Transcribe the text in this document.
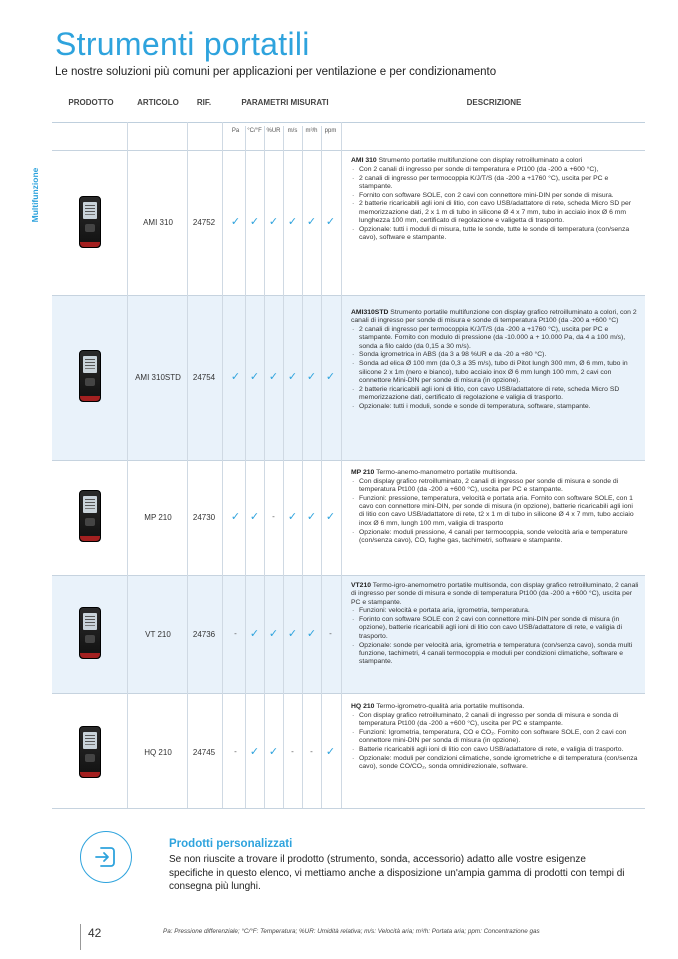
Strumenti portatili

Le nostre soluzioni più comuni per applicazioni per ventilazione e per condizionamento

Multifunzione
PRODOTTO	ARTICOLO	RIF.	PARAMETRI MISURATI	DESCRIZIONE
Pa	°C/°F %UR	m/s	m³/h	ppm
AMI 310	24752	✓ ✓ ✓ ✓ ✓ ✓

AMI 310 Strumento portatile multifunzione con display retroilluminato a colori

· Con 2 canali di ingresso per sonde di temperatura e Pt100 (da -200 a +600 °C),
· 2 canali di ingresso per termocoppia K/J/T/S (da -200 a +1760 °C), uscita per PC e stampante.
· Fornito con software SOLE, con 2 cavi con connettore mini-DIN per sonde di misura.
· 2 batterie ricaricabili agli ioni di litio, con cavo USB/adattatore di rete, scheda Micro SD per memorizzazione dati, 2 x 1 m di tubo in silicone Ø 4 x 7 mm, tubo in acciaio inox Ø 6 mm lunghezza 100 mm, certificato di regolazione e valigetta di trasporto.
· Opzionale: tutti i moduli di misura, tutte le sonde, tutte le sonde di temperatura (con/senza cavo), software e stampante.
AMI 310STD	24754	✓ ✓ ✓ ✓ ✓ ✓

AMI310STD Strumento portatile multifunzione con display grafico retroilluminato a colori, con 2 canali di ingresso per sonde di misura e sonde di temperatura Pt100 (da -200 a +600 °C)

· 2 canali di ingresso per termocoppia K/J/T/S (da -200 a +1760 °C), uscita per PC e stampante. Fornito con modulo di pressione (da -10.000 a + 10.000 Pa, da 4 a 100 m/s), sonda a filo caldo (da 0,15 a 30 m/s).
· Sonda igrometrica in ABS (da 3 a 98 %UR e da -20 a +80 °C).
· Sonda ad elica Ø 100 mm (da 0,3 a 35 m/s), tubo di Pitot lungh 300 mm, Ø 6 mm, tubo in silicone 2 x 1m (nero e bianco), tubo acciaio inox Ø 6 mm lungh 100 mm, 2 cavi con connettore Mini-DIN per sonde di misura (in opzione).
· 2 batterie ricaricabili agli ioni di litio, con cavo USB/adattatore di rete, scheda Micro SD memorizzazione dati, certificato di regolazione e valigia di trasporto.
· Opzionale: tutti i moduli, sonde e sonde di temperatura, software, stampante.
MP 210	24730	✓ ✓	-	✓ ✓ ✓

MP 210 Termo-anemo-manometro portatile multisonda.

· Con display grafico retroilluminato, 2 canali di ingresso per sonde di misura e sonde di temperatura Pt100 (da -200 a +600 °C), uscita per PC e stampante.
· Funzioni: pressione, temperatura, velocità e portata aria. Fornito con software SOLE, con 1 cavo con connettore mini-DIN, per sonde di misura (in opzione), batterie ricaricabili agli ioni di litio con cavo USB/adattatore di rete, t2 x 1 m di tubo in silicone Ø 4 x 7 mm, tubo acciaio inox Ø 6 mm, lungh 100 mm, valigia di trasporto
· Opzionale: moduli pressione, 4 canali per termocoppia, sonde velocità aria e temperature (con/senza cavo), CO, fughe gas, tachimetri, software e stampante.
VT 210	24736	-	✓ ✓ ✓ ✓	-

VT210 Termo-igro-anemometro portatile multisonda, con display grafico retroilluminato, 2 canali di ingresso per sonde di misura e sonde di temperatura Pt100 (da -200 a +600 °C), uscita per PC e stampante.

· Funzioni: velocità e portata aria, igrometria, temperatura.
· Forinto con software SOLE con 2 cavi con connettore mini-DIN per sonde di misura (in opzione), batterie ricaricabili agli ioni di litio con cavo USB/adattatore di rete, e valigia di trasporto.
· Opzionale: sonde per velocità aria, igrometria e temperatura (con/senza cavo), sonda multi funzione, tachimetri, 4 canali termocoppia e moduli per condizioni climatiche, software e stampante.
HQ 210	24745	-	✓ ✓	-	-	✓

HQ 210 Termo-igrometro-qualità aria portatile multisonda.

· Con display grafico retroilluminato, 2 canali di ingresso per sonda di misura e sonda di temperatura Pt100 (da -200 a +600 °C), uscita per PC e stampante.
· Funzioni: Igrometria, temperatura, CO e CO₂. Fornito con software SOLE, con 2 cavi con connettore mini-DIN per sonda di misura (in opzione).
· Batterie ricaricabili agli ioni di litio con cavo USB/adattatore di rete, e valigia di trasporto.
· Opzionale: moduli per condizioni climatiche, sonde igrometriche e di temperatura (con/senza cavo), sonde CO/CO₂, sonda omnidirezionale, software.
Prodotti personalizzati

Se non riuscite a trovare il prodotto (strumento, sonda, accessorio) adatto alle vostre esigenze specifiche in questo elenco, vi mettiamo anche a disposizione un'ampia gamma di prodotti con tempi di consegna più lunghi.

42	Pa: Pressione differenziale; °C/°F: Temperatura; %UR: Umidità relativa; m/s: Velocità aria; m³/h: Portata aria; ppm: Concentrazione gas
